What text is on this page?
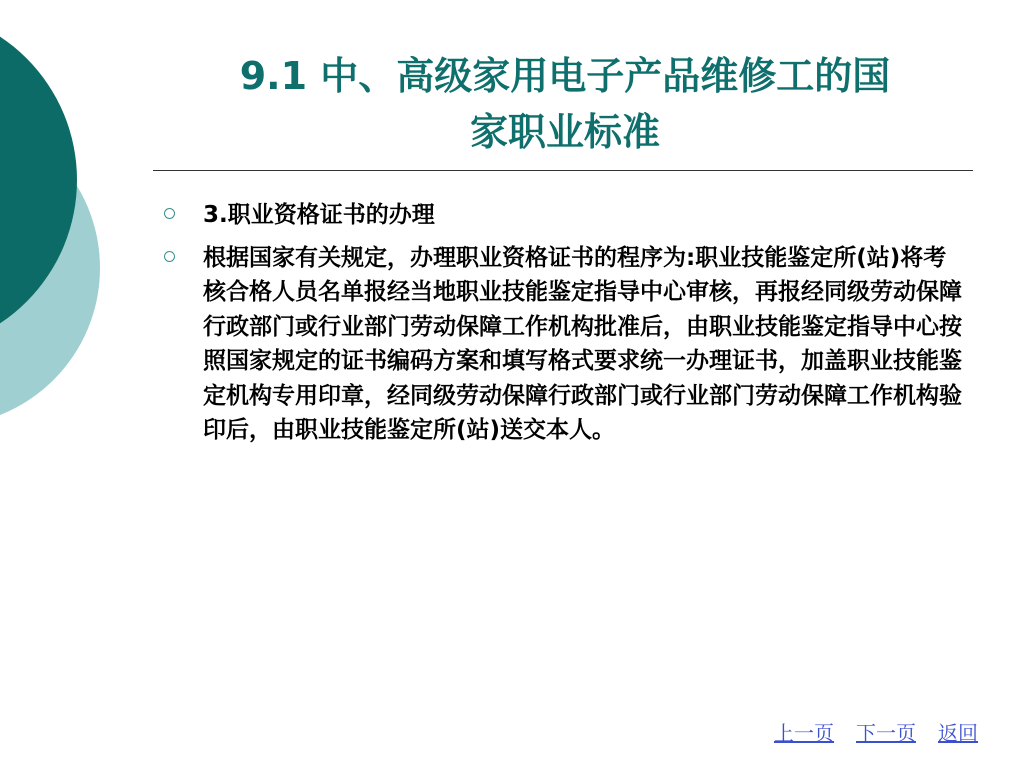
9.1 中、高级家用电子产品维修工的国
家职业标准
3.职业资格证书的办理
根据国家有关规定，办理职业资格证书的程序为:职业技能鉴定所(站)将考核合格人员名单报经当地职业技能鉴定指导中心审核，再报经同级劳动保障行政部门或行业部门劳动保障工作机构批准后，由职业技能鉴定指导中心按照国家规定的证书编码方案和填写格式要求统一办理证书，加盖职业技能鉴定机构专用印章，经同级劳动保障行政部门或行业部门劳动保障工作机构验印后，由职业技能鉴定所(站)送交本人。
上一页 下一页 返回
